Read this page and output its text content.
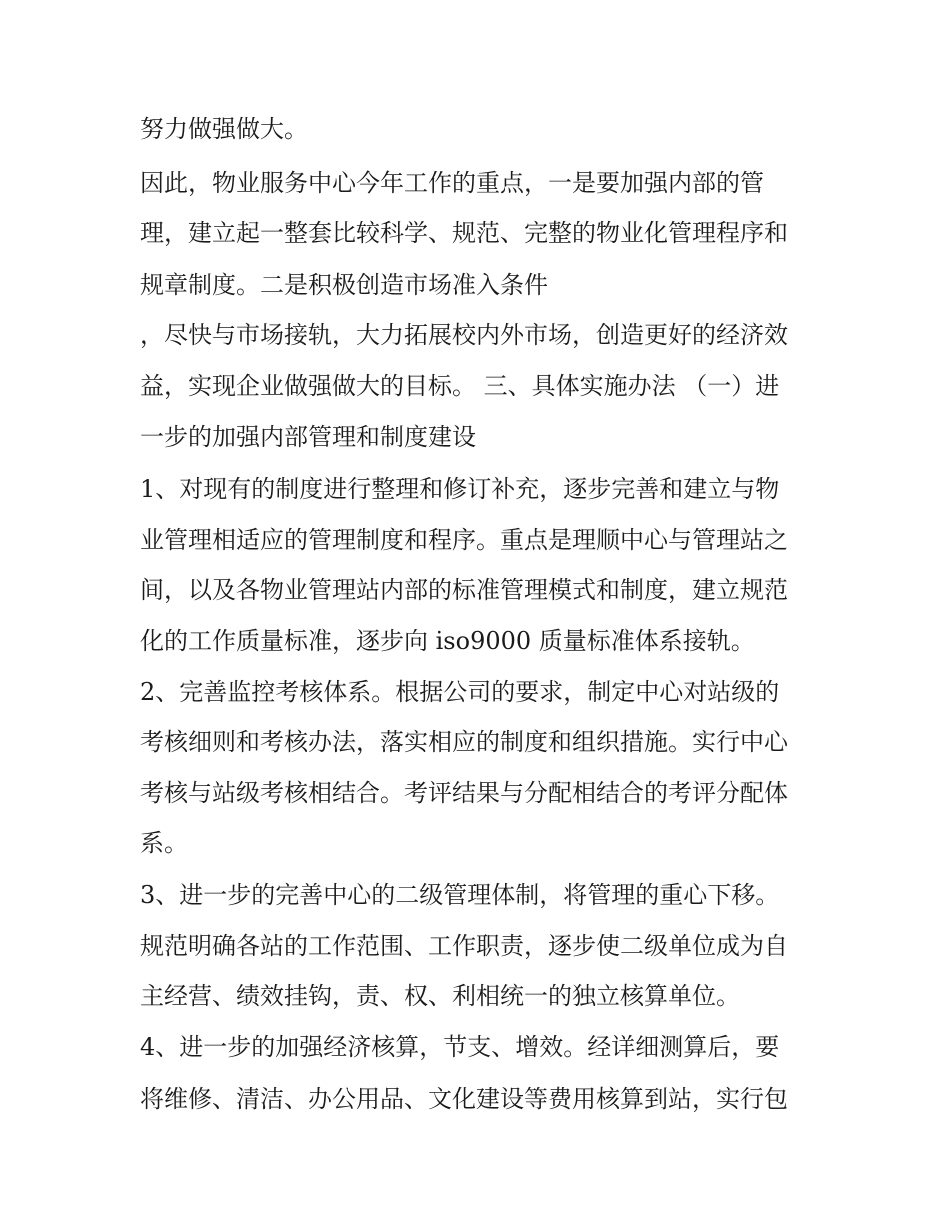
努力做强做大。
因此，物业服务中心今年工作的重点，一是要加强内部的管
理，建立起一整套比较科学、规范、完整的物业化管理程序和
规章制度。二是积极创造市场准入条件
，尽快与市场接轨，大力拓展校内外市场，创造更好的经济效
益，实现企业做强做大的目标。 三、具体实施办法 （一）进
一步的加强内部管理和制度建设
1、对现有的制度进行整理和修订补充，逐步完善和建立与物
业管理相适应的管理制度和程序。重点是理顺中心与管理站之
间，以及各物业管理站内部的标准管理模式和制度，建立规范
化的工作质量标准，逐步向 iso9000 质量标准体系接轨。
2、完善监控考核体系。根据公司的要求，制定中心对站级的
考核细则和考核办法，落实相应的制度和组织措施。实行中心
考核与站级考核相结合。考评结果与分配相结合的考评分配体
系。
3、进一步的完善中心的二级管理体制，将管理的重心下移。
规范明确各站的工作范围、工作职责，逐步使二级单位成为自
主经营、绩效挂钩，责、权、利相统一的独立核算单位。
4、进一步的加强经济核算，节支、增效。经详细测算后，要
将维修、清洁、办公用品、文化建设等费用核算到站，实行包
